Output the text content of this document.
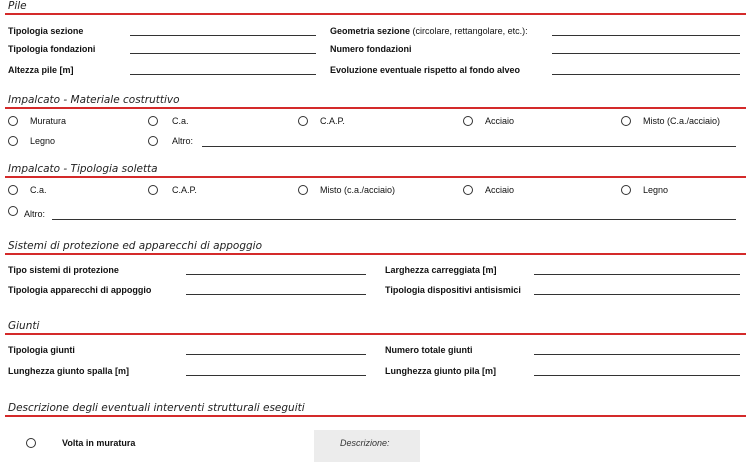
Pile
Tipologia sezione	Geometria sezione (circolare, rettangolare, etc.):
Tipologia fondazioni	Numero fondazioni
Altezza pile [m]	Evoluzione eventuale rispetto al fondo alveo
Impalcato - Materiale costruttivo
Muratura	C.a.	C.A.P.	Acciaio	Misto (C.a./acciaio)
Legno	Altro:
Impalcato - Tipologia soletta
C.a.	C.A.P.	Misto (c.a./acciaio)	Acciaio	Legno
Altro:
Sistemi di protezione ed apparecchi di appoggio
Tipo sistemi di protezione	Larghezza carreggiata [m]
Tipologia apparecchi di appoggio	Tipologia dispositivi antisismici
Giunti
Tipologia giunti	Numero totale giunti
Lunghezza giunto spalla [m]	Lunghezza giunto pila [m]
Descrizione degli eventuali interventi strutturali eseguiti
Volta in muratura	Descrizione:
